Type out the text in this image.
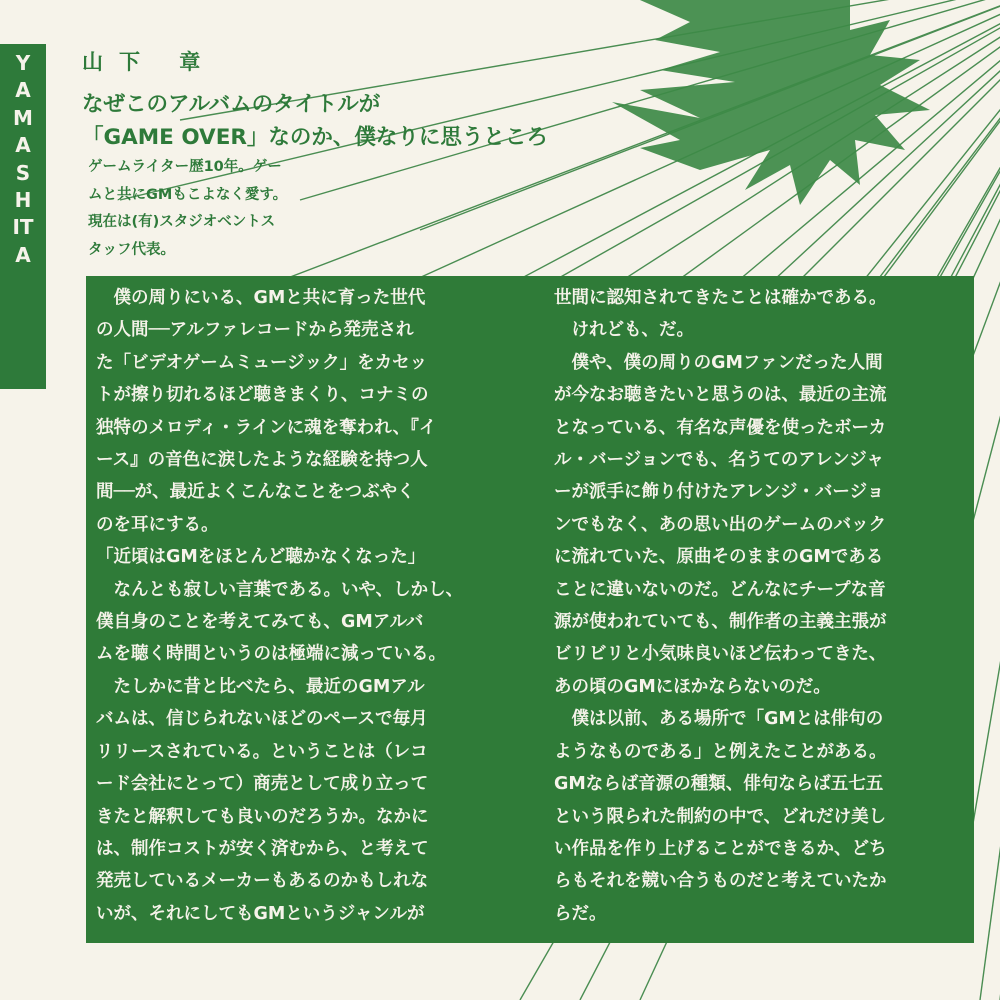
YAMASHITA
山下 章
なぜこのアルバムのタイトルが
「GAME OVER」なのか、僕なりに思うところ
ゲームライター歴10年。ゲー
ムと共にGMもこよなく愛す。
現在は(有)スタジオベントス
タッフ代表。
　僕の周りにいる、GMと共に育った世代
の人間──アルファレコードから発売され
た「ビデオゲームミュージック」をカセッ
トが擦り切れるほど聴きまくり、コナミの
独特のメロディ・ラインに魂を奪われ、『イ
ース』の音色に涙したような経験を持つ人
間──が、最近よくこんなことをつぶやく
のを耳にする。
「近頃はGMをほとんど聴かなくなった」
　なんとも寂しい言葉である。いや、しかし、
僕自身のことを考えてみても、GMアルバ
ムを聴く時間というのは極端に減っている。
　たしかに昔と比べたら、最近のGMアル
バムは、信じられないほどのペースで毎月
リリースされている。ということは（レコ
ード会社にとって）商売として成り立って
きたと解釈しても良いのだろうか。なかに
は、制作コストが安く済むから、と考えて
発売しているメーカーもあるのかもしれな
いが、それにしてもGMというジャンルが
世間に認知されてきたことは確かである。
　けれども、だ。
　僕や、僕の周りのGMファンだった人間
が今なお聴きたいと思うのは、最近の主流
となっている、有名な声優を使ったボーカ
ル・バージョンでも、名うてのアレンジャ
ーが派手に飾り付けたアレンジ・バージョ
ンでもなく、あの思い出のゲームのバック
に流れていた、原曲そのままのGMである
ことに違いないのだ。どんなにチープな音
源が使われていても、制作者の主義主張が
ビリビリと小気味良いほど伝わってきた、
あの頃のGMにほかならないのだ。
　僕は以前、ある場所で「GMとは俳句の
ようなものである」と例えたことがある。
GMならば音源の種類、俳句ならば五七五
という限られた制約の中で、どれだけ美し
い作品を作り上げることができるか、どち
らもそれを競い合うものだと考えていたか
らだ。
